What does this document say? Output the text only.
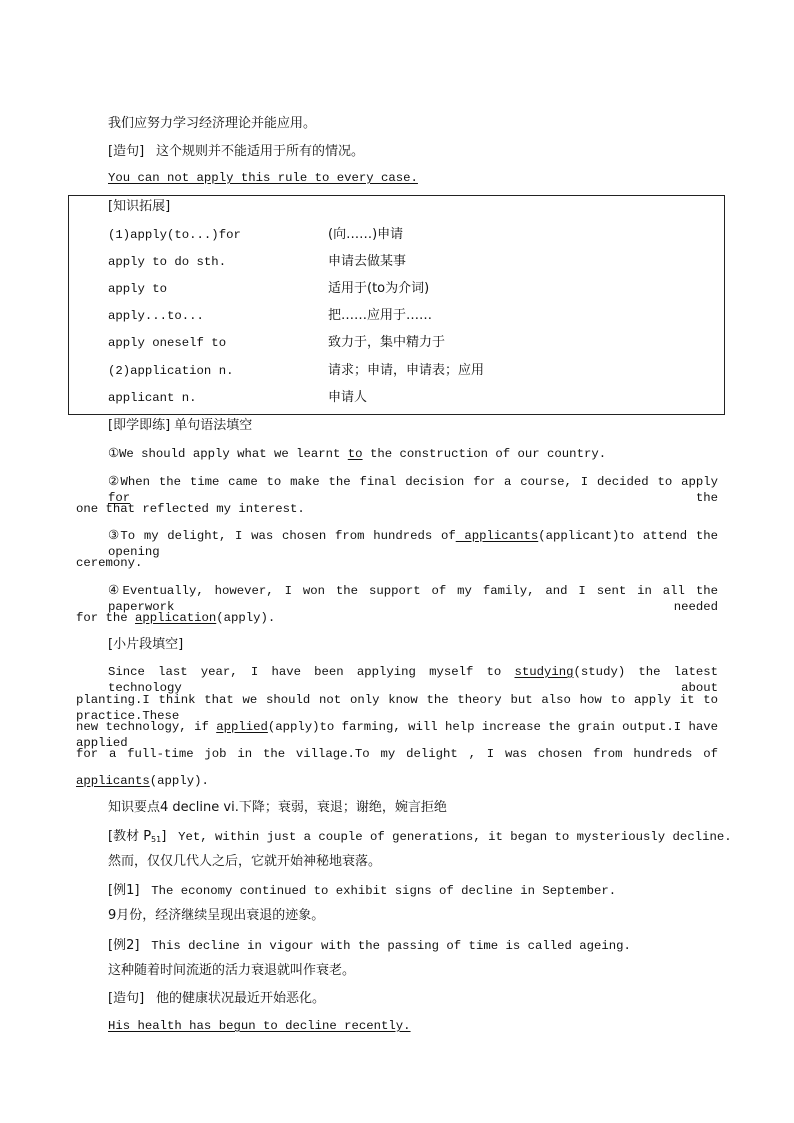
我们应努力学习经济理论并能应用。
[造句] 这个规则并不能适用于所有的情况。
You can not apply this rule to every case.
[知识拓展]
(1)apply(to...)for	(向……)申请
apply to do sth.	申请去做某事
apply to	适用于(to为介词)
apply...to...	把……应用于……
apply oneself to	致力于，集中精力于
(2)application n.	请求；申请，申请表；应用
applicant n.	申请人
[即学即练] 单句语法填空
①We should apply what we learnt to the construction of our country.
②When the time came to make the final decision for a course, I decided to apply for the
one that reflected my interest.
③To my delight, I was chosen from hundreds of applicants(applicant)to attend the opening
ceremony.
④Eventually, however, I won the support of my family, and I sent in all the paperwork needed
for the application(apply).
[小片段填空]
Since last year, I have been applying myself to studying(study) the latest technology about
planting.I think that we should not only know the theory but also how to apply it to practice.These
new technology, if applied(apply)to farming, will help increase the grain output.I have applied
for a full-time job in the village.To my delight , I was chosen from hundreds of
applicants(apply).
知识要点4 decline vi.下降；衰弱，衰退；谢绝，婉言拒绝
[教材 $P_{51}$] Yet, within just a couple of generations, it began to mysteriously decline.
然而，仅仅几代人之后，它就开始神秘地衰落。
[例1] The economy continued to exhibit signs of decline in September.
9月份，经济继续呈现出衰退的迹象。
[例2] This decline in vigour with the passing of time is called ageing.
这种随着时间流逝的活力衰退就叫作衰老。
[造句] 他的健康状况最近开始恶化。
His health has begun to decline recently.
